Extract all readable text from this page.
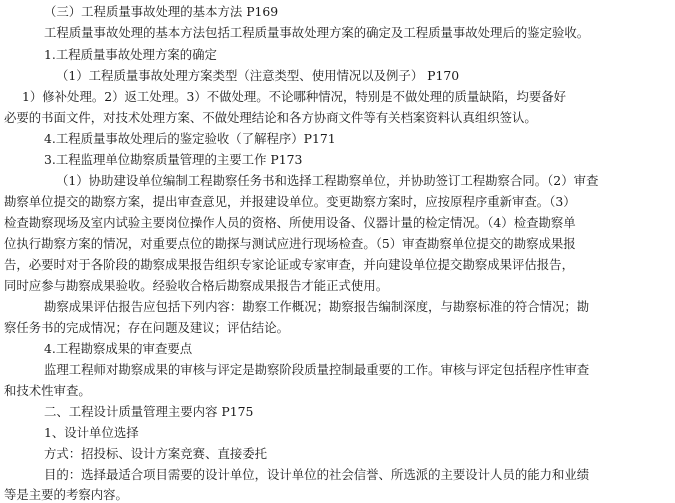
（三）工程质量事故处理的基本方法 P169
工程质量事故处理的基本方法包括工程质量事故处理方案的确定及工程质量事故处理后的鉴定验收。
1.工程质量事故处理方案的确定
（1）工程质量事故处理方案类型（注意类型、使用情况以及例子） P170
1）修补处理。2）返工处理。3）不做处理。不论哪种情况，特别是不做处理的质量缺陷，均要备好
必要的书面文件，对技术处理方案、不做处理结论和各方协商文件等有关档案资料认真组织签认。
4.工程质量事故处理后的鉴定验收（了解程序）P171
3.工程监理单位勘察质量管理的主要工作 P173
（1）协助建设单位编制工程勘察任务书和选择工程勘察单位，并协助签订工程勘察合同。（2）审查
勘察单位提交的勘察方案，提出审查意见，并报建设单位。变更勘察方案时，应按原程序重新审查。（3）
检查勘察现场及室内试验主要岗位操作人员的资格、所使用设备、仪器计量的检定情况。（4）检查勘察单
位执行勘察方案的情况，对重要点位的勘探与测试应进行现场检查。（5）审查勘察单位提交的勘察成果报
告，必要时对于各阶段的勘察成果报告组织专家论证或专家审查，并向建设单位提交勘察成果评估报告，
同时应参与勘察成果验收。经验收合格后勘察成果报告才能正式使用。
勘察成果评估报告应包括下列内容：勘察工作概况；勘察报告编制深度，与勘察标准的符合情况；勘
察任务书的完成情况；存在问题及建议；评估结论。
4.工程勘察成果的审查要点
监理工程师对勘察成果的审核与评定是勘察阶段质量控制最重要的工作。审核与评定包括程序性审查
和技术性审查。
二、工程设计质量管理主要内容 P175
1、设计单位选择
方式：招投标、设计方案竞赛、直接委托
目的：选择最适合项目需要的设计单位，设计单位的社会信誉、所选派的主要设计人员的能力和业绩
等是主要的考察内容。
